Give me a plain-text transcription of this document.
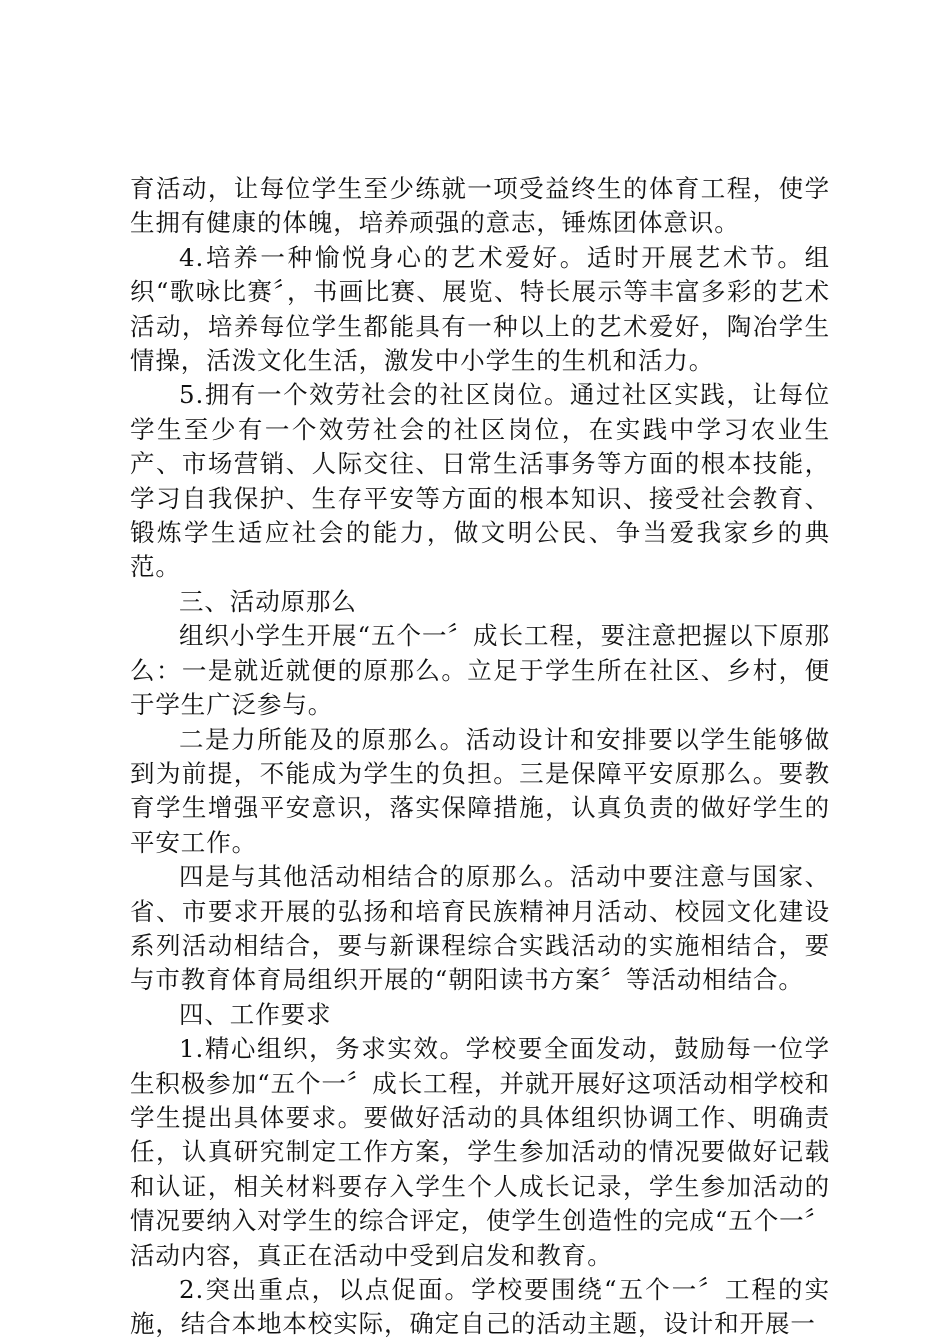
育活动，让每位学生至少练就一项受益终生的体育工程，使学生拥有健康的体魄，培养顽强的意志，锤炼团体意识。

4.培养一种愉悦身心的艺术爱好。适时开展艺术节。组织“歌咏比赛〞，书画比赛、展览、特长展示等丰富多彩的艺术活动，培养每位学生都能具有一种以上的艺术爱好，陶冶学生情操，活泼文化生活，激发中小学生的生机和活力。

5.拥有一个效劳社会的社区岗位。通过社区实践，让每位学生至少有一个效劳社会的社区岗位，在实践中学习农业生产、市场营销、人际交往、日常生活事务等方面的根本技能，学习自我保护、生存平安等方面的根本知识、接受社会教育、锻炼学生适应社会的能力，做文明公民、争当爱我家乡的典范。

三、活动原那么

组织小学生开展“五个一〞成长工程，要注意把握以下原那么：一是就近就便的原那么。立足于学生所在社区、乡村，便于学生广泛参与。

二是力所能及的原那么。活动设计和安排要以学生能够做到为前提，不能成为学生的负担。三是保障平安原那么。要教育学生增强平安意识，落实保障措施，认真负责的做好学生的平安工作。

四是与其他活动相结合的原那么。活动中要注意与国家、省、市要求开展的弘扬和培育民族精神月活动、校园文化建设系列活动相结合，要与新课程综合实践活动的实施相结合，要与市教育体育局组织开展的“朝阳读书方案〞等活动相结合。

四、工作要求

1.精心组织，务求实效。学校要全面发动，鼓励每一位学生积极参加“五个一〞成长工程，并就开展好这项活动相学校和学生提出具体要求。要做好活动的具体组织协调工作、明确责任，认真研究制定工作方案，学生参加活动的情况要做好记载和认证，相关材料要存入学生个人成长记录，学生参加活动的情况要纳入对学生的综合评定，使学生创造性的完成“五个一〞活动内容，真正在活动中受到启发和教育。

2.突出重点，以点促面。学校要围绕“五个一〞工程的实施，结合本地本校实际，确定自己的活动主题，设计和开展一
